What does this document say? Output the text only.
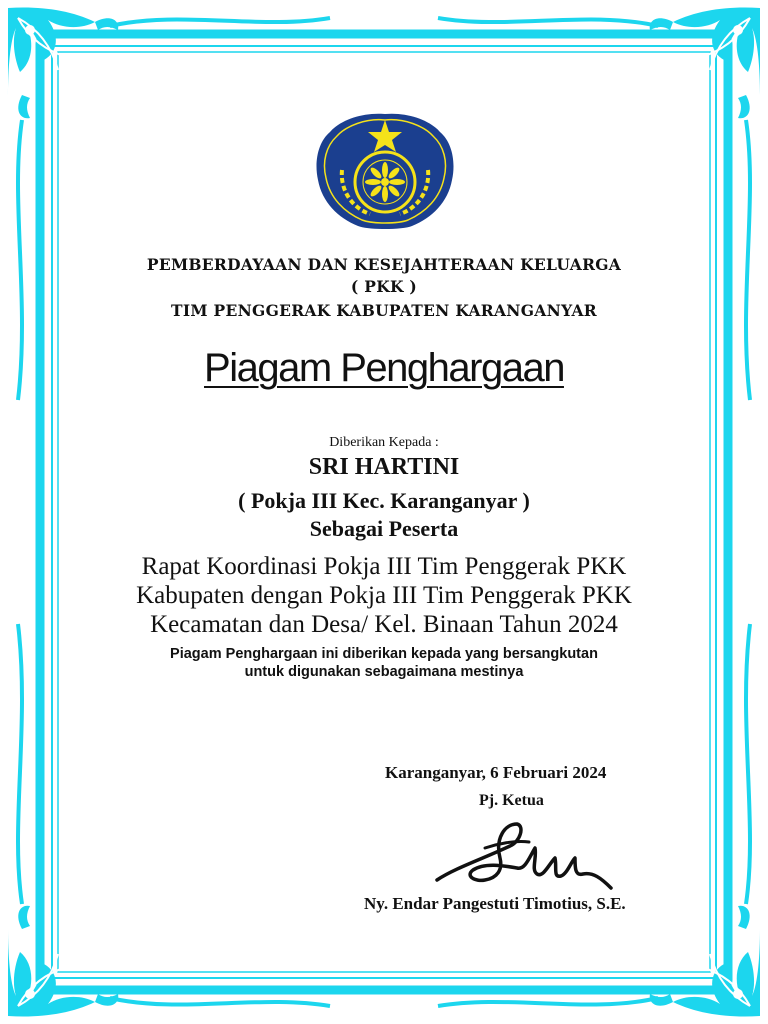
PEMBERDAYAAN DAN KESEJAHTERAAN KELUARGA
( PKK )
TIM PENGGERAK KABUPATEN KARANGANYAR
Piagam Penghargaan
Diberikan Kepada :
SRI HARTINI
( Pokja III Kec. Karanganyar )
Sebagai Peserta
Rapat Koordinasi Pokja III Tim Penggerak PKK
Kabupaten dengan Pokja III Tim Penggerak PKK
Kecamatan dan Desa/ Kel. Binaan Tahun 2024
Piagam Penghargaan ini diberikan kepada yang bersangkutan
untuk digunakan sebagaimana mestinya
Karanganyar, 6 Februari 2024
Pj. Ketua
Ny. Endar Pangestuti Timotius, S.E.
